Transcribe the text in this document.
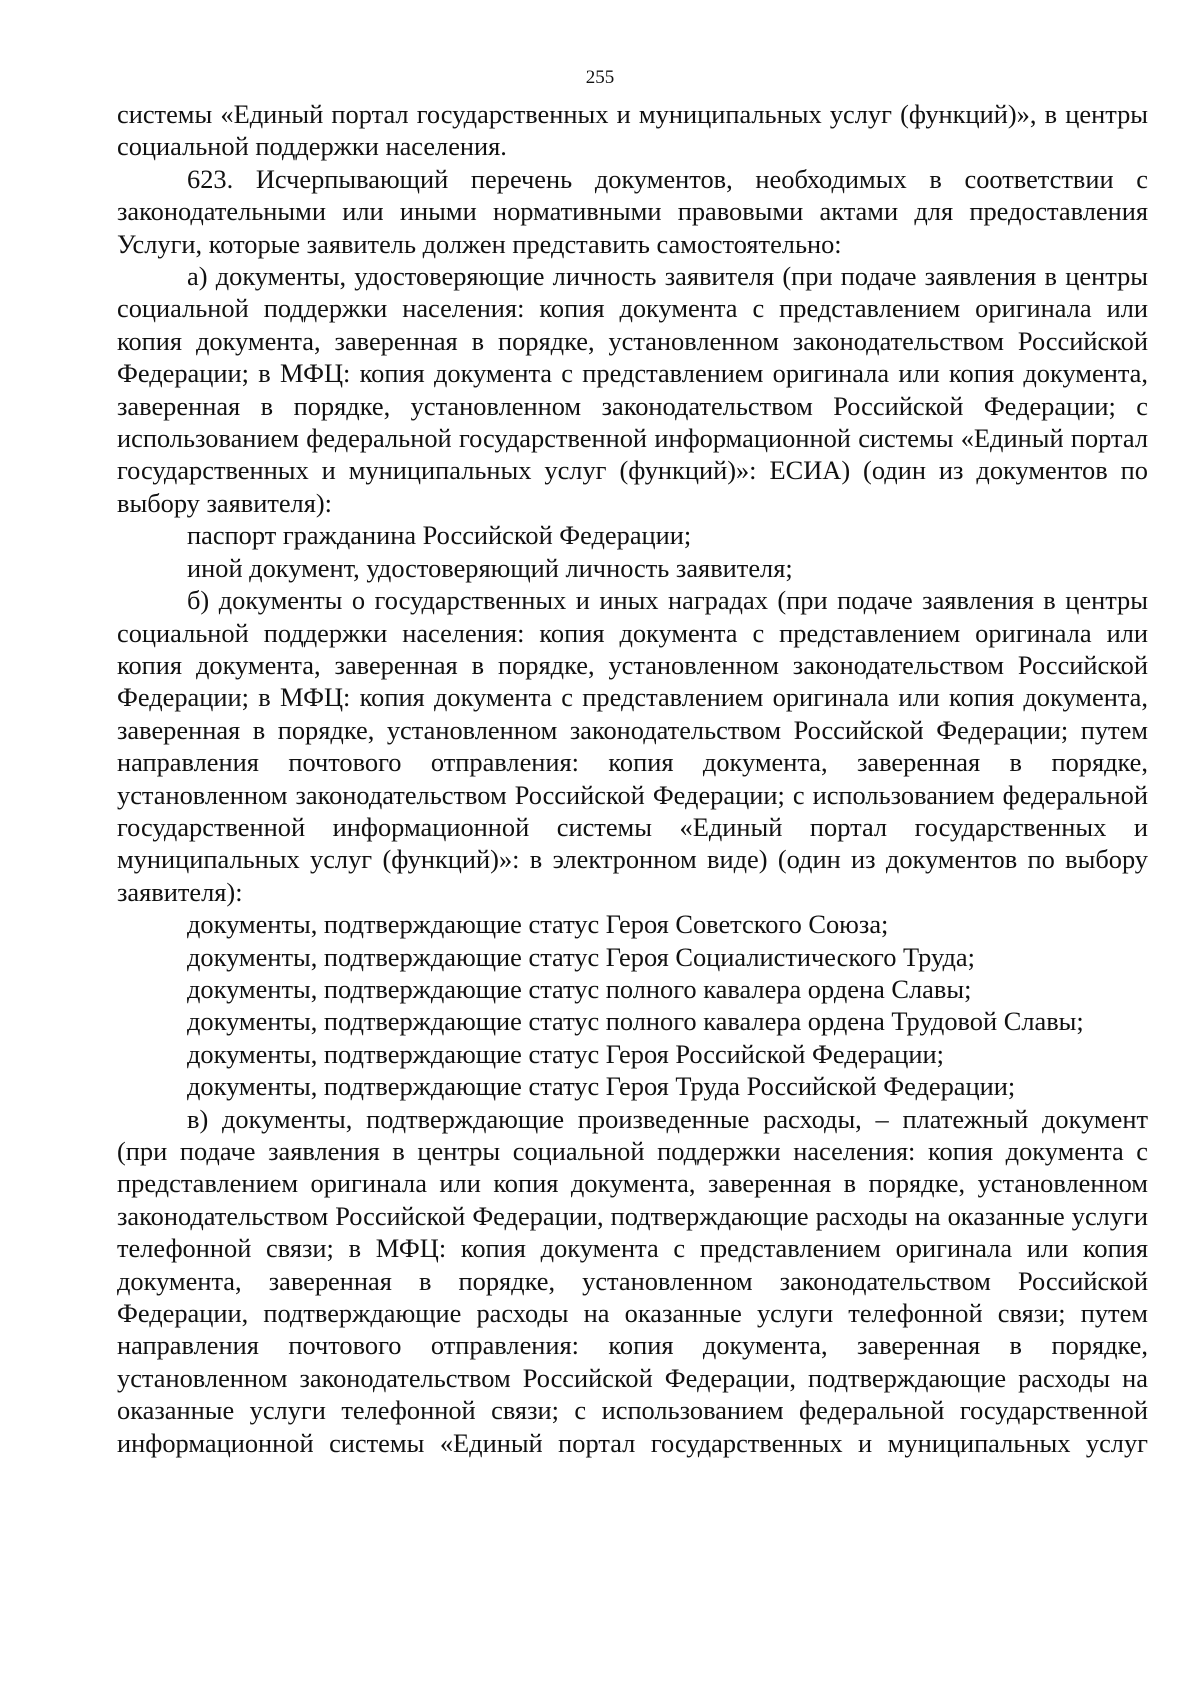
255

системы «Единый портал государственных и муниципальных услуг (функций)», в центры социальной поддержки населения.

623. Исчерпывающий перечень документов, необходимых в соответствии с законодательными или иными нормативными правовыми актами для предоставления Услуги, которые заявитель должен представить самостоятельно:

а) документы, удостоверяющие личность заявителя (при подаче заявления в центры социальной поддержки населения: копия документа с представлением оригинала или копия документа, заверенная в порядке, установленном законодательством Российской Федерации; в МФЦ: копия документа с представлением оригинала или копия документа, заверенная в порядке, установленном законодательством Российской Федерации; с использованием федеральной государственной информационной системы «Единый портал государственных и муниципальных услуг (функций)»: ЕСИА) (один из документов по выбору заявителя):

паспорт гражданина Российской Федерации;

иной документ, удостоверяющий личность заявителя;

б) документы о государственных и иных наградах (при подаче заявления в центры социальной поддержки населения: копия документа с представлением оригинала или копия документа, заверенная в порядке, установленном законодательством Российской Федерации; в МФЦ: копия документа с представлением оригинала или копия документа, заверенная в порядке, установленном законодательством Российской Федерации; путем направления почтового отправления: копия документа, заверенная в порядке, установленном законодательством Российской Федерации; с использованием федеральной государственной информационной системы «Единый портал государственных и муниципальных услуг (функций)»: в электронном виде) (один из документов по выбору заявителя):

документы, подтверждающие статус Героя Советского Союза;

документы, подтверждающие статус Героя Социалистического Труда;

документы, подтверждающие статус полного кавалера ордена Славы;

документы, подтверждающие статус полного кавалера ордена Трудовой Славы;

документы, подтверждающие статус Героя Российской Федерации;

документы, подтверждающие статус Героя Труда Российской Федерации;

в) документы, подтверждающие произведенные расходы, – платежный документ (при подаче заявления в центры социальной поддержки населения: копия документа с представлением оригинала или копия документа, заверенная в порядке, установленном законодательством Российской Федерации, подтверждающие расходы на оказанные услуги телефонной связи; в МФЦ: копия документа с представлением оригинала или копия документа, заверенная в порядке, установленном законодательством Российской Федерации, подтверждающие расходы на оказанные услуги телефонной связи; путем направления почтового отправления: копия документа, заверенная в порядке, установленном законодательством Российской Федерации, подтверждающие расходы на оказанные услуги телефонной связи; с использованием федеральной государственной информационной системы «Единый портал государственных и муниципальных услуг
